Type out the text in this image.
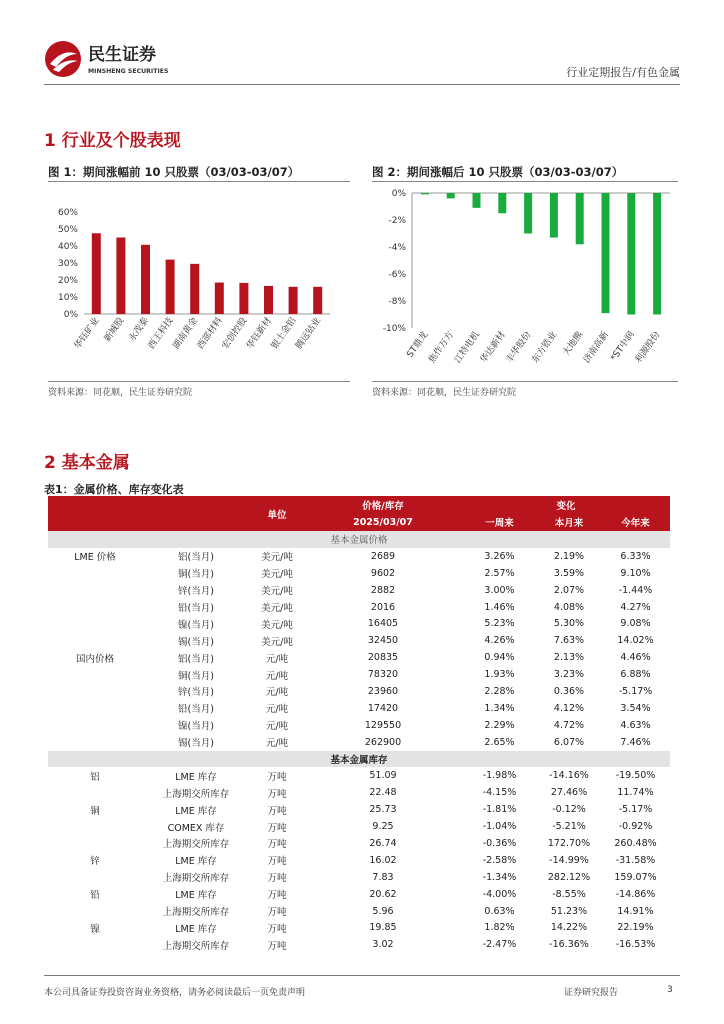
民生证券
MINSHENG SECURITIES	行业定期报告/有色金属
1 行业及个股表现
图 1：期间涨幅前 10 只股票（03/03-03/07）
0%
10%
20%
30%
40%
50%
60%
华钰矿业 新城股 永茂泰
西王科技
湖南黄金
西部材料
宏创控股
华钰新材
银土金铝
腾远钴业
资料来源：同花顺，民生证券研究院
图 2：期间涨幅后 10 只股票（03/03-03/07）
0%
-2%
-4%
-6%
-8%
-10%
ST鼎龙
焦作万方
江特电机
华达新材
丰华股份
东方锆业 大地熊
济南高新
*ST中润
利源股份
资料来源：同花顺，民生证券研究院
2 基本金属
表1：金属价格、库存变化表
		单位	价格/库存	变化		
			2025/03/07	一周来	本月来	今年来
基本金属价格						
LME 价格	铝(当月)	美元/吨	2689	3.26%	2.19%	6.33%
	铜(当月)	美元/吨	9602	2.57%	3.59%	9.10%
	锌(当月)	美元/吨	2882	3.00%	2.07%	-1.44%
	铅(当月)	美元/吨	2016	1.46%	4.08%	4.27%
	镍(当月)	美元/吨	16405	5.23%	5.30%	9.08%
	锡(当月)	美元/吨	32450	4.26%	7.63%	14.02%
国内价格	铝(当月)	元/吨	20835	0.94%	2.13%	4.46%
	铜(当月)	元/吨	78320	1.93%	3.23%	6.88%
	锌(当月)	元/吨	23960	2.28%	0.36%	-5.17%
	铅(当月)	元/吨	17420	1.34%	4.12%	3.54%
	镍(当月)	元/吨	129550	2.29%	4.72%	4.63%
	锡(当月)	元/吨	262900	2.65%	6.07%	7.46%
基本金属库存						
铝	LME 库存	万吨	51.09	-1.98%	-14.16%	-19.50%
	上海期交所库存	万吨	22.48	-4.15%	27.46%	11.74%
铜	LME 库存	万吨	25.73	-1.81%	-0.12%	-5.17%
	COMEX 库存	万吨	9.25	-1.04%	-5.21%	-0.92%
	上海期交所库存	万吨	26.74	-0.36%	172.70%	260.48%
锌	LME 库存	万吨	16.02	-2.58%	-14.99%	-31.58%
	上海期交所库存	万吨	7.83	-1.34%	282.12%	159.07%
铅	LME 库存	万吨	20.62	-4.00%	-8.55%	-14.86%
	上海期交所库存	万吨	5.96	0.63%	51.23%	14.91%
镍	LME 库存	万吨	19.85	1.82%	14.22%	22.19%
	上海期交所库存	万吨	3.02	-2.47%	-16.36%	-16.53%
本公司具备证券投资咨询业务资格，请务必阅读最后一页免责声明	证券研究报告	3
